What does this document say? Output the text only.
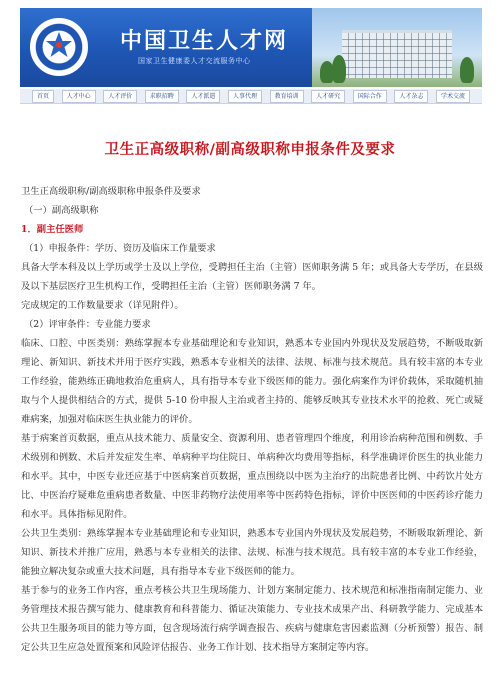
中国卫生人才网
国家卫生健康委人才交流服务中心
首页	人才中心	人才评价	求职招聘	人才派遣	人事代理	教育培训	人才研究	国际合作	人才杂志	学术交流
卫生正高级职称/副高级职称申报条件及要求

卫生正高级职称/副高级职称申报条件及要求

（一）副高级职称

1．副主任医师

（1）申报条件：学历、资历及临床工作量要求

具备大学本科及以上学历或学士及以上学位，受聘担任主治（主管）医师职务满 5 年；或具备大专学历，在县级及以下基层医疗卫生机构工作，受聘担任主治（主管）医师职务满 7 年。

完成规定的工作数量要求（详见附件）。

（2）评审条件：专业能力要求

临床、口腔、中医类别：熟练掌握本专业基础理论和专业知识，熟悉本专业国内外现状及发展趋势，不断吸取新理论、新知识、新技术并用于医疗实践，熟悉本专业相关的法律、法规、标准与技术规范。具有较丰富的本专业工作经验，能熟练正确地救治危重病人，具有指导本专业下级医师的能力。强化病案作为评价载体，采取随机抽取与个人提供相结合的方式，提供 5-10 份申报人主治或者主持的、能够反映其专业技术水平的抢救、死亡或疑难病案，加强对临床医生执业能力的评价。

基于病案首页数据，重点从技术能力、质量安全、资源利用、患者管理四个维度，利用诊治病种范围和例数、手术级别和例数、术后并发症发生率、单病种平均住院日、单病种次均费用等指标，科学准确评价医生的执业能力和水平。其中，中医专业还应基于中医病案首页数据，重点围绕以中医为主治疗的出院患者比例、中药饮片处方比、中医治疗疑难危重病患者数量、中医非药物疗法使用率等中医药特色指标，评价中医医师的中医药诊疗能力和水平。具体指标见附件。

公共卫生类别：熟练掌握本专业基础理论和专业知识，熟悉本专业国内外现状及发展趋势，不断吸取新理论、新知识、新技术并推广应用，熟悉与本专业相关的法律、法规、标准与技术规范。具有较丰富的本专业工作经验，能独立解决复杂或重大技术问题，具有指导本专业下级医师的能力。

基于参与的业务工作内容，重点考核公共卫生现场能力、计划方案制定能力、技术规范和标准指南制定能力、业务管理技术报告撰写能力、健康教育和科普能力、循证决策能力、专业技术成果产出、科研教学能力、完成基本公共卫生服务项目的能力等方面，包含现场流行病学调查报告、疾病与健康危害因素监测（分析预警）报告、制定公共卫生应急处置预案和风险评估报告、业务工作计划、技术指导方案制定等内容。
